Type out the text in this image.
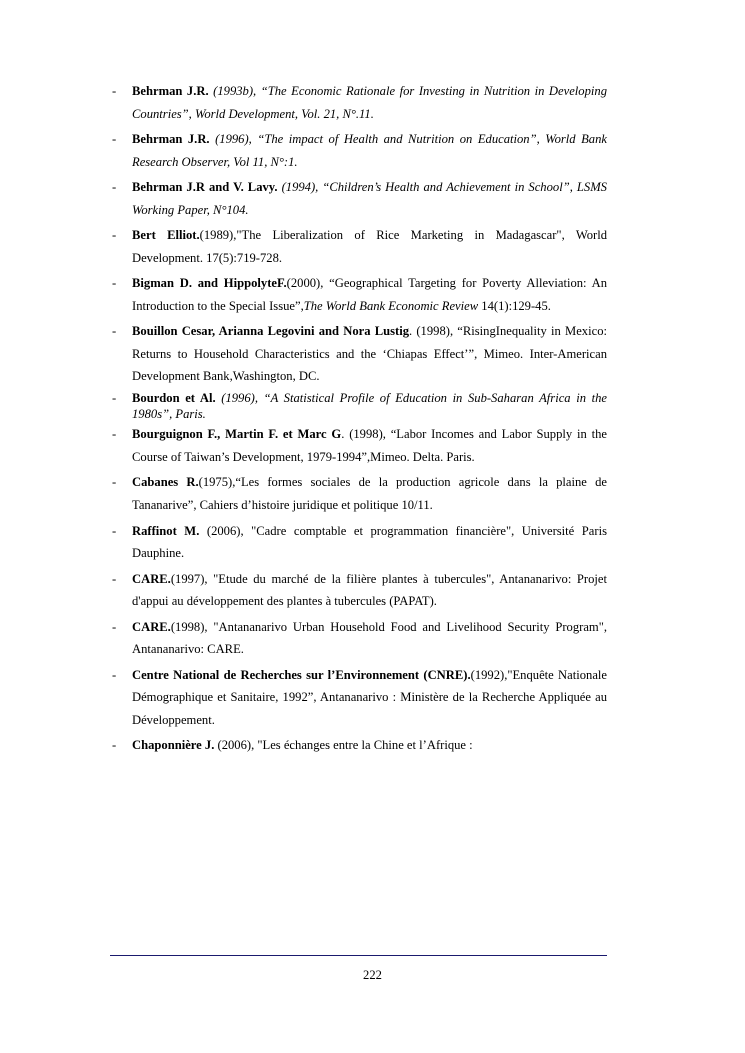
- Behrman J.R. (1993b), “The Economic Rationale for Investing in Nutrition in Developing Countries”, World Development, Vol. 21, N°.11.
- Behrman J.R. (1996), “The impact of Health and Nutrition on Education”, World Bank Research Observer, Vol 11, N°:1.
- Behrman J.R and V. Lavy. (1994), “Children’s Health and Achievement in School”, LSMS Working Paper, N°104.
- Bert Elliot.(1989),"The Liberalization of Rice Marketing in Madagascar", World Development. 17(5):719-728.
- Bigman D. and HippolyteF.(2000), “Geographical Targeting for Poverty Alleviation: An Introduction to the Special Issue”,The World Bank Economic Review 14(1):129-45.
- Bouillon Cesar, Arianna Legovini and Nora Lustig. (1998), “RisingInequality in Mexico: Returns to Household Characteristics and the ‘Chiapas Effect’”, Mimeo. Inter-American Development Bank,Washington, DC.
- Bourdon et Al. (1996), “A Statistical Profile of Education in Sub-Saharan Africa in the 1980s”, Paris.
- Bourguignon F., Martin F. et Marc G. (1998), “Labor Incomes and Labor Supply in the Course of Taiwan’s Development, 1979-1994”,Mimeo. Delta. Paris.
- Cabanes R.(1975),“Les formes sociales de la production agricole dans la plaine de Tananarive”, Cahiers d’histoire juridique et politique 10/11.
- Raffinot M. (2006), "Cadre comptable et programmation financière", Université Paris Dauphine.
- CARE.(1997), "Etude du marché de la filière plantes à tubercules", Antananarivo: Projet d'appui au développement des plantes à tubercules (PAPAT).
- CARE.(1998), "Antananarivo Urban Household Food and Livelihood Security Program", Antananarivo: CARE.
- Centre National de Recherches sur l’Environnement (CNRE).(1992),"Enquête Nationale Démographique et Sanitaire, 1992”, Antananarivo : Ministère de la Recherche Appliquée au Développement.
- Chaponnière J. (2006), "Les échanges entre la Chine et l’Afrique :
222
